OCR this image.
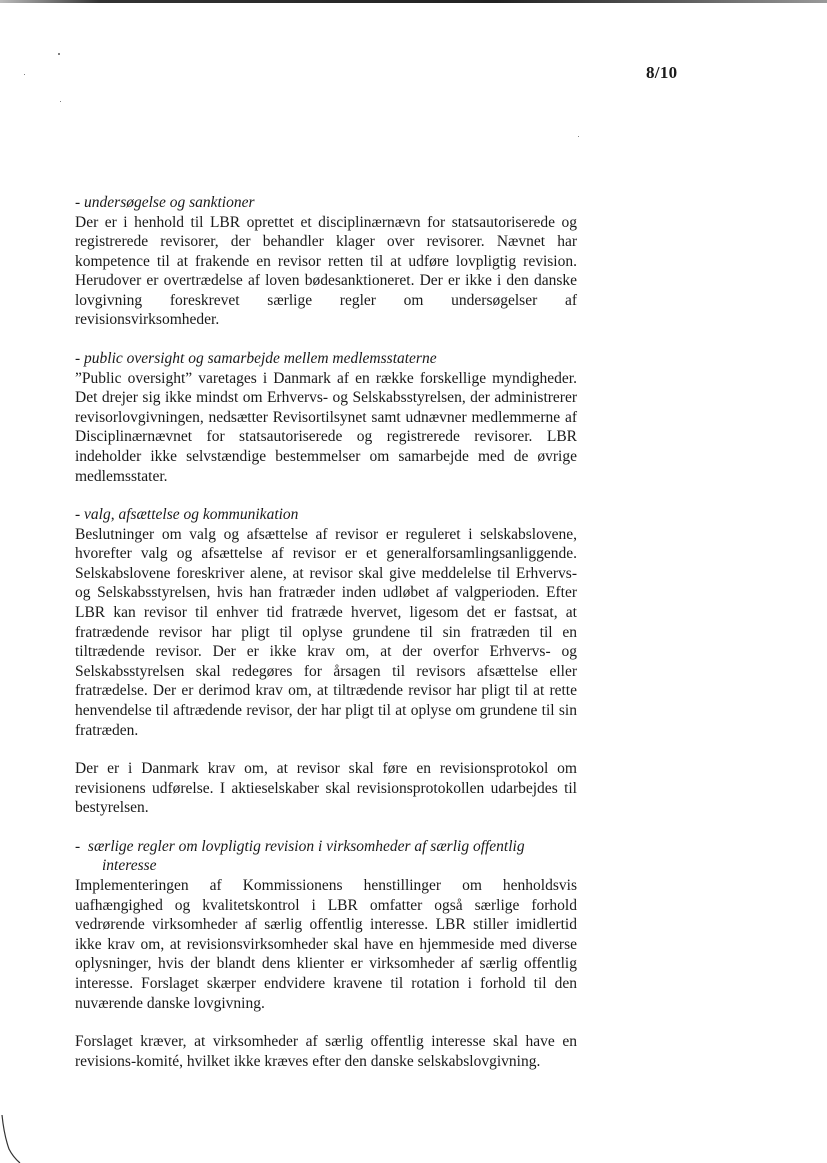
8/10

- undersøgelse og sanktioner

Der er i henhold til LBR oprettet et disciplinærnævn for statsautoriserede og registrerede revisorer, der behandler klager over revisorer. Nævnet har kompetence til at frakende en revisor retten til at udføre lovpligtig revision. Herudover er overtrædelse af loven bødesanktioneret. Der er ikke i den danske lovgivning foreskrevet særlige regler om undersøgelser af revisionsvirksomheder.

- public oversight og samarbejde mellem medlemsstaterne

”Public oversight” varetages i Danmark af en række forskellige myndigheder. Det drejer sig ikke mindst om Erhvervs- og Selskabsstyrelsen, der administrerer revisorlovgivningen, nedsætter Revisortilsynet samt udnævner medlemmerne af Disciplinærnævnet for statsautoriserede og registrerede revisorer. LBR indeholder ikke selvstændige bestemmelser om samarbejde med de øvrige medlemsstater.

- valg, afsættelse og kommunikation

Beslutninger om valg og afsættelse af revisor er reguleret i selskabslovene, hvorefter valg og afsættelse af revisor er et generalforsamlingsanliggende. Selskabslovene foreskriver alene, at revisor skal give meddelelse til Erhvervs- og Selskabsstyrelsen, hvis han fratræder inden udløbet af valgperioden. Efter LBR kan revisor til enhver tid fratræde hvervet, ligesom det er fastsat, at fratrædende revisor har pligt til oplyse grundene til sin fratræden til en tiltrædende revisor. Der er ikke krav om, at der overfor Erhvervs- og Selskabsstyrelsen skal redegøres for årsagen til revisors afsættelse eller fratrædelse. Der er derimod krav om, at tiltrædende revisor har pligt til at rette henvendelse til aftrædende revisor, der har pligt til at oplyse om grundene til sin fratræden.

Der er i Danmark krav om, at revisor skal føre en revisionsprotokol om revisionens udførelse. I aktieselskaber skal revisionsprotokollen udarbejdes til bestyrelsen.

-  særlige regler om lovpligtig revision i virksomheder af særlig offentlig interesse

Implementeringen af Kommissionens henstillinger om henholdsvis uafhængighed og kvalitetskontrol i LBR omfatter også særlige forhold vedrørende virksomheder af særlig offentlig interesse. LBR stiller imidlertid ikke krav om, at revisionsvirksomheder skal have en hjemmeside med diverse oplysninger, hvis der blandt dens klienter er virksomheder af særlig offentlig interesse. Forslaget skærper endvidere kravene til rotation i forhold til den nuværende danske lovgivning.

Forslaget kræver, at virksomheder af særlig offentlig interesse skal have en revisions-komité, hvilket ikke kræves efter den danske selskabslovgivning.
